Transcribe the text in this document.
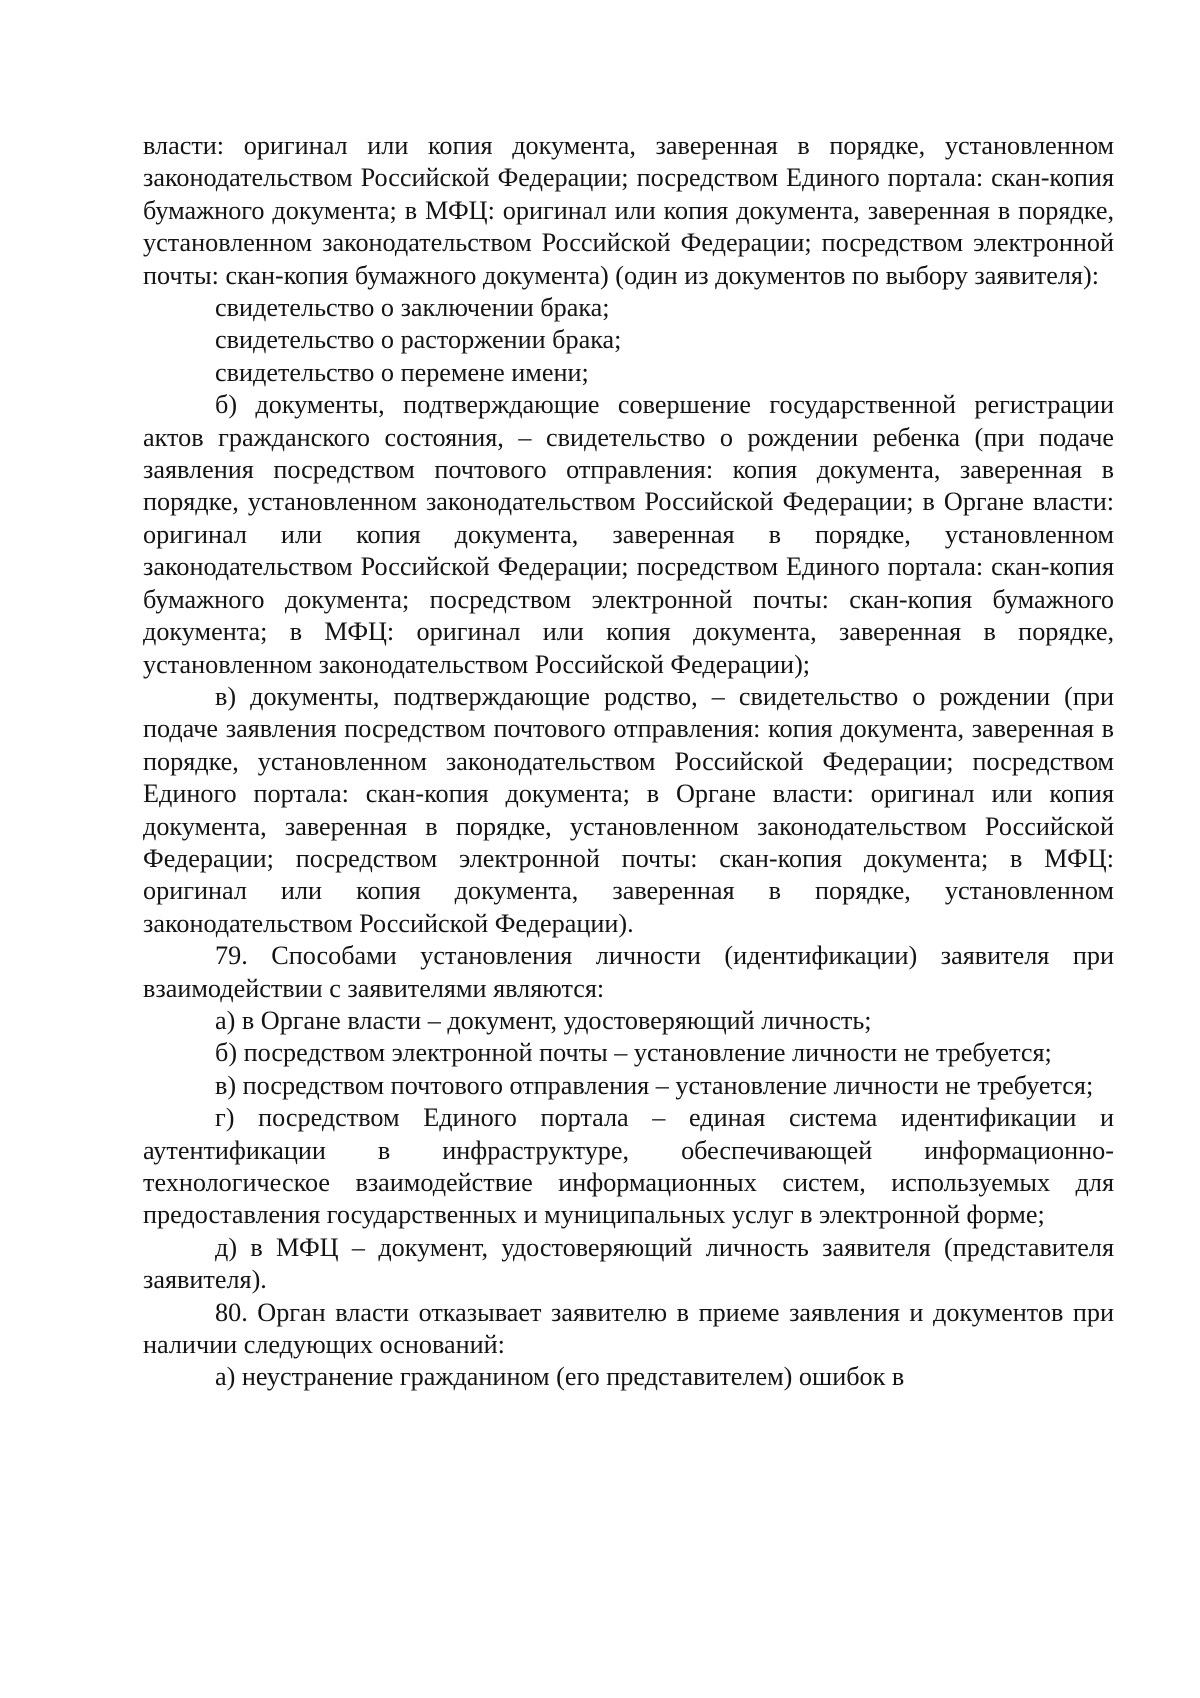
власти: оригинал или копия документа, заверенная в порядке, установленном законодательством Российской Федерации; посредством Единого портала: скан-копия бумажного документа; в МФЦ: оригинал или копия документа, заверенная в порядке, установленном законодательством Российской Федерации; посредством электронной почты: скан-копия бумажного документа) (один из документов по выбору заявителя):

свидетельство о заключении брака;

свидетельство о расторжении брака;

свидетельство о перемене имени;

б) документы, подтверждающие совершение государственной регистрации актов гражданского состояния, – свидетельство о рождении ребенка (при подаче заявления посредством почтового отправления: копия документа, заверенная в порядке, установленном законодательством Российской Федерации; в Органе власти: оригинал или копия документа, заверенная в порядке, установленном законодательством Российской Федерации; посредством Единого портала: скан-копия бумажного документа; посредством электронной почты: скан-копия бумажного документа; в МФЦ: оригинал или копия документа, заверенная в порядке, установленном законодательством Российской Федерации);

в) документы, подтверждающие родство, – свидетельство о рождении (при подаче заявления посредством почтового отправления: копия документа, заверенная в порядке, установленном законодательством Российской Федерации; посредством Единого портала: скан-копия документа; в Органе власти: оригинал или копия документа, заверенная в порядке, установленном законодательством Российской Федерации; посредством электронной почты: скан-копия документа; в МФЦ: оригинал или копия документа, заверенная в порядке, установленном законодательством Российской Федерации).

79. Способами установления личности (идентификации) заявителя при взаимодействии с заявителями являются:

а) в Органе власти – документ, удостоверяющий личность;

б) посредством электронной почты – установление личности не требуется;

в) посредством почтового отправления – установление личности не требуется;

г) посредством Единого портала – единая система идентификации и аутентификации в инфраструктуре, обеспечивающей информационно-технологическое взаимодействие информационных систем, используемых для предоставления государственных и муниципальных услуг в электронной форме;

д) в МФЦ – документ, удостоверяющий личность заявителя (представителя заявителя).

80. Орган власти отказывает заявителю в приеме заявления и документов при наличии следующих оснований:

а) неустранение гражданином (его представителем) ошибок в
